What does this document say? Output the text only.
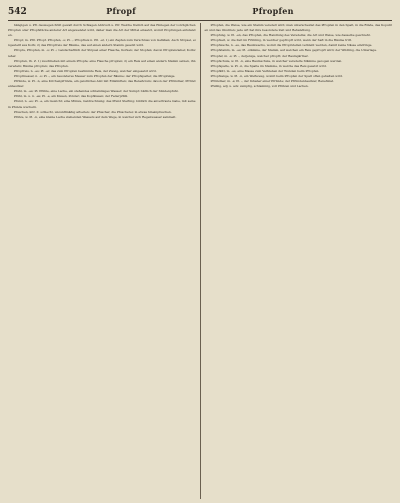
542	Pfropf	Pfropfen

hängigen u. Pfr. deswegen flößt gewalt durch Schlagen Abbruch u. Pfr. Welche freilich auf das Einlegen der vorzüglichen Pfropfen oder Pfropfstücke anderer Art angewendet wird, daher man die Art der Mittel einsetzt, womit Propfungen entstanden.

Pfropf, m. Pflr. Pfropf. Pfropfen, -s; Pl. -, Pfropfreis n. Pfl. -er, 1) ein Zapfen zum Verschluss von Gefäßen; Auch Stöpsel, eingestellt aus Kork; 2) das Pfropfreis der Bäume, das auf einen andern Stamm gesetzt wird.

Pfropfe, Pfropfen, m. -s; Pl. -; Landschaftlich der Stöpsel einer Flasche, Korken; der Stopfen; davon Pfropfenzieher, Korkzieher.

Pfropfen, th. Z. 1) zuschließen mit einem Pfropfe; eine Flasche pfropfen; 2) ein Reis auf einen andern Stamm setzen, ihn veredeln; Bäume pfropfen; das Pfropfen.

Pfropfreis, n. -es; Pl. -er, das zum Pfropfen bestimmte Reis, der Zweig, welcher eingesetzt wird.

Pfropfmesser, n. -s; Pl. -, ein besonderes Messer zum Pfropfen der Bäume; der Pfropfspalter, die Pfropfsäge.

Pfründe, w. Pl. -n, eine Kirchenpfründe, ein geistliches Amt mit Einkünften; das Beneficium; davon der Pfründner, Pfründenbesitzer.

Pfuhl, m. -es; Pl. Pfühle, eine Lache, ein stehendes schlammiges Wasser; der Sumpf; bildlich der Sündenpfuhl.

Pfühl, m. u. n. -es; Pl. -e, ein Kissen, Polster; das Kopfkissen; der Federpfühl.

Pfund, n. -es; Pl. -e, ein Gewicht; eine Münze, Geldrechnung; das Pfund Sterling; bildlich die anvertraute Gabe, mit seinem Pfunde wuchern.

Pfuschen, intr. Z. schlecht, unzunftmäßig arbeiten; der Pfuscher, die Pfuscherei; in etwas hineinpfuschen.

Pfütze, w. Pl. -n, eine kleine Lache stehenden Wassers auf dem Wege, in welcher sich Regenwasser sammelt.

Pfropfen, die Weise, wie ein Stamm veredelt wird; man unterscheidet das Pfropfen in den Spalt, in die Rinde, das Kopuliren und das Okuliren; jede Art hat ihre besondere Zeit und Behandlung.

Pfropfung, w. Pl. -en, das Pfropfen, die Handlung des Veredelns; die Art und Weise, wie dasselbe geschieht.

Pfropfzeit, w. die Zeit im Frühling, in welcher gepfropft wird, wenn der Saft in die Bäume tritt.

Pfropfwachs, n. -es, das Baumwachs, womit die Pfropfstellen verklebt werden, damit keine Nässe eindringe.

Pfropfstamm, m. -es; Pl. -stämme, der Stamm, auf welchen ein Reis gepfropft wird; der Wildling, die Unterlage.

Pfropfer, m. -s; Pl. -, derjenige, welcher pfropft; der Baumgärtner.

Pfropfschule, w. Pl. -n, eine Baumschule, in welcher veredelte Stämme gezogen werden.

Pfropfspalte, w. Pl. -n, die Spalte im Stamme, in welche das Reis gesetzt wird.

Pfropfkitt, m. -es, eine Masse zum Verkleben der Wunden beim Pfropfen.

Pfropfzange, w. Pl. -n, ein Werkzeug, womit beim Pfropfen der Spalt offen gehalten wird.

Pfründner, m. -s; Pl. -, der Inhaber einer Pfründe; der Pfründenbesitzer, Benefiziat.

Pfuhlig, adj. u. adv. sumpfig, schlammig, voll Pfützen und Lachen.
